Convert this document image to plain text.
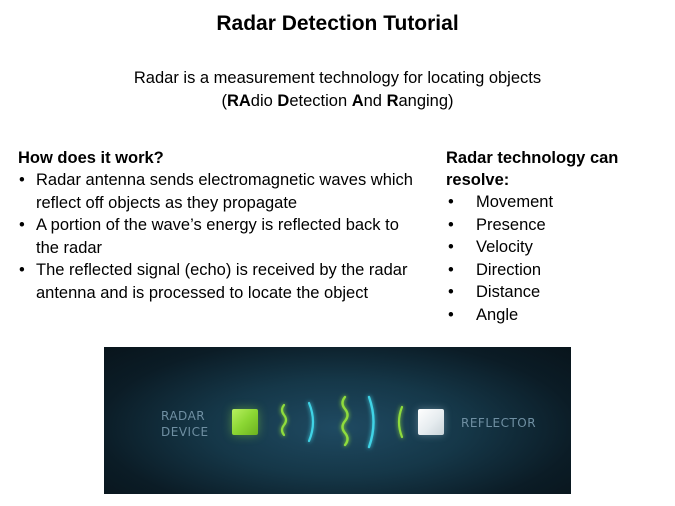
Radar Detection Tutorial
Radar is a measurement technology for locating objects
(RAdio Detection And Ranging)
How does it work?
• Radar antenna sends electromagnetic waves which reflect off objects as they propagate
• A portion of the wave’s energy is reflected back to the radar
• The reflected signal (echo) is received by the radar antenna and is processed to locate the object
Radar technology can resolve:
• Movement
• Presence
• Velocity
• Direction
• Distance
• Angle
RADAR
DEVICE
REFLECTOR
